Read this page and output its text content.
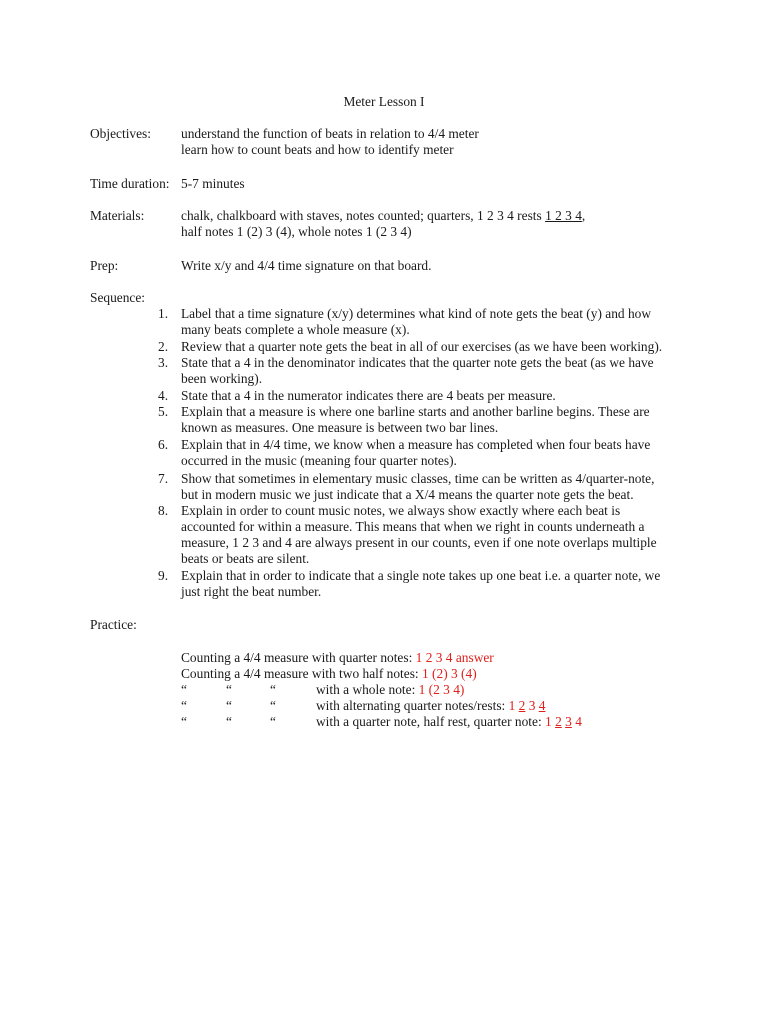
Meter Lesson I
Objectives: understand the function of beats in relation to 4/4 meter
learn how to count beats and how to identify meter
Time duration: 5-7 minutes
Materials:	chalk, chalkboard with staves, notes counted; quarters, 1 2 3 4 rests 1 2 3 4,
half notes 1 (2) 3 (4), whole notes 1 (2 3 4)
Prep:	Write x/y and 4/4 time signature on that board.
Sequence:
1. Label that a time signature (x/y) determines what kind of note gets the beat (y) and how
many beats complete a whole measure (x).
2. Review that a quarter note gets the beat in all of our exercises (as we have been working).
3. State that a 4 in the denominator indicates that the quarter note gets the beat (as we have
been working).
4. State that a 4 in the numerator indicates there are 4 beats per measure.
5. Explain that a measure is where one barline starts and another barline begins. These are
known as measures. One measure is between two bar lines.
6. Explain that in 4/4 time, we know when a measure has completed when four beats have
occurred in the music (meaning four quarter notes).
7. Show that sometimes in elementary music classes, time can be written as 4/quarter-note,
but in modern music we just indicate that a X/4 means the quarter note gets the beat.
8. Explain in order to count music notes, we always show exactly where each beat is
accounted for within a measure. This means that when we right in counts underneath a
measure, 1 2 3 and 4 are always present in our counts, even if one note overlaps multiple
beats or beats are silent.
9. Explain that in order to indicate that a single note takes up one beat i.e. a quarter note, we
just right the beat number.
Practice:
Counting a 4/4 measure with quarter notes: 1 2 3 4 answer
Counting a 4/4 measure with two half notes: 1 (2) 3 (4)
“	“	“	with a whole note: 1 (2 3 4)
“	“	“	with alternating quarter notes/rests: 1 2 3 4
“	“	“	with a quarter note, half rest, quarter note: 1 2 3 4
